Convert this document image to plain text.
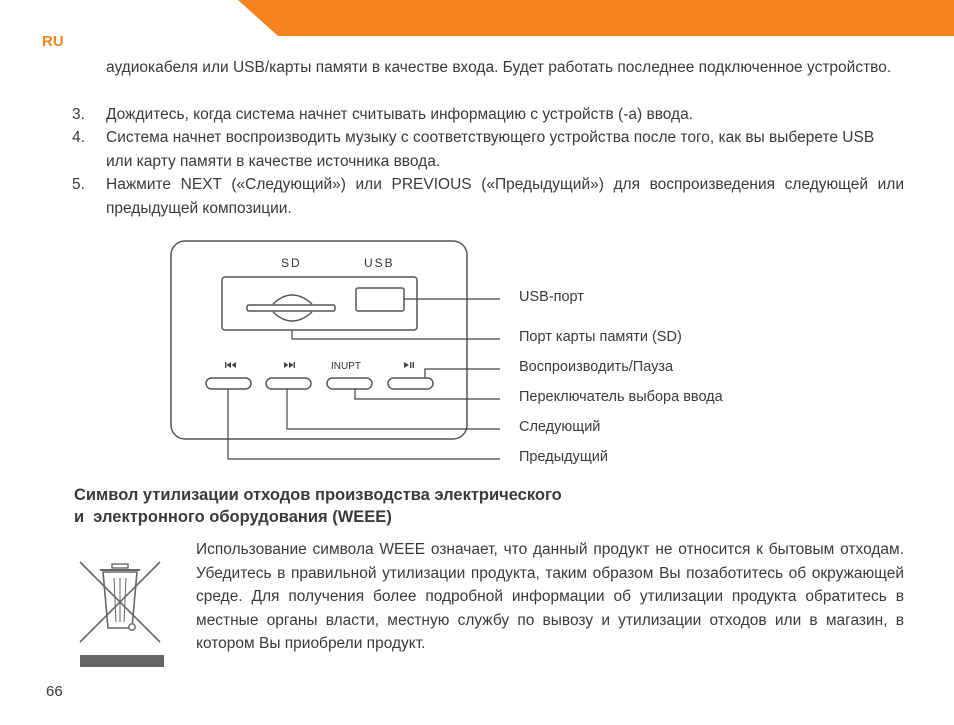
RU
аудиокабеля или USB/карты памяти в качестве входа. Будет работать последнее подключенное устройство.
3. Дождитесь, когда система начнет считывать информацию с устройств (-а) ввода.
4. Система начнет воспроизводить музыку с соответствующего устройства после того, как вы выберете USB или карту памяти в качестве источника ввода.
5. Нажмите NEXT («Следующий») или PREVIOUS («Предыдущий») для воспроизведения следующей или предыдущей композиции.
SD	USB
INUPT
USB-порт
Порт карты памяти (SD)
Воспроизводить/Пауза
Переключатель выбора ввода
Следующий
Предыдущий
Символ утилизации отходов производства электрического
и  электронного оборудования (WEEE)
Использование символа WEEE означает, что данный продукт не относится к бытовым отходам. Убедитесь в правильной утилизации продукта, таким образом Вы позаботитесь об окружающей среде. Для получения более подробной информации об утилизации продукта обратитесь в местные органы власти, местную службу по вывозу и утилизации отходов или в магазин, в котором Вы приобрели продукт.
66
